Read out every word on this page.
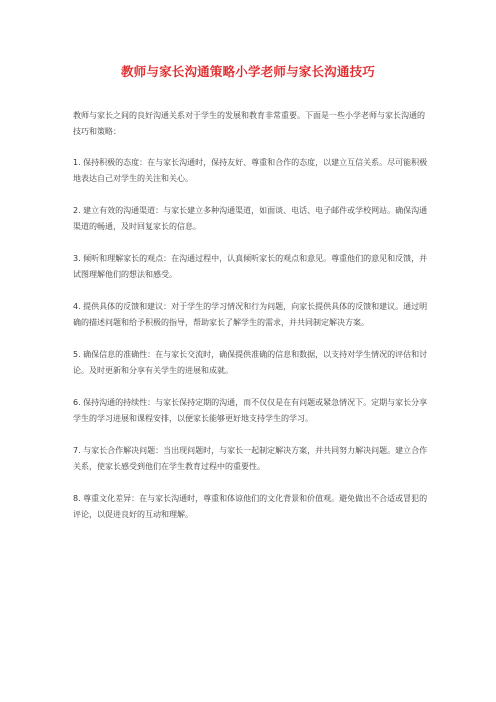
教师与家长沟通策略小学老师与家长沟通技巧

教师与家长之间的良好沟通关系对于学生的发展和教育非常重要。下面是一些小学老师与家长沟通的技巧和策略：

1. 保持积极的态度：在与家长沟通时，保持友好、尊重和合作的态度，以建立互信关系。尽可能积极地表达自己对学生的关注和关心。

2. 建立有效的沟通渠道：与家长建立多种沟通渠道，如面谈、电话、电子邮件或学校网站。确保沟通渠道的畅通，及时回复家长的信息。

3. 倾听和理解家长的观点：在沟通过程中，认真倾听家长的观点和意见。尊重他们的意见和反馈，并试图理解他们的想法和感受。

4. 提供具体的反馈和建议：对于学生的学习情况和行为问题，向家长提供具体的反馈和建议。通过明确的描述问题和给予积极的指导，帮助家长了解学生的需求，并共同制定解决方案。

5. 确保信息的准确性：在与家长交流时，确保提供准确的信息和数据，以支持对学生情况的评估和讨论。及时更新和分享有关学生的进展和成就。

6. 保持沟通的持续性：与家长保持定期的沟通，而不仅仅是在有问题或紧急情况下。定期与家长分享学生的学习进展和课程安排，以便家长能够更好地支持学生的学习。

7. 与家长合作解决问题：当出现问题时，与家长一起制定解决方案，并共同努力解决问题。建立合作关系，使家长感受到他们在学生教育过程中的重要性。

8. 尊重文化差异：在与家长沟通时，尊重和体谅他们的文化背景和价值观。避免做出不合适或冒犯的评论，以促进良好的互动和理解。
